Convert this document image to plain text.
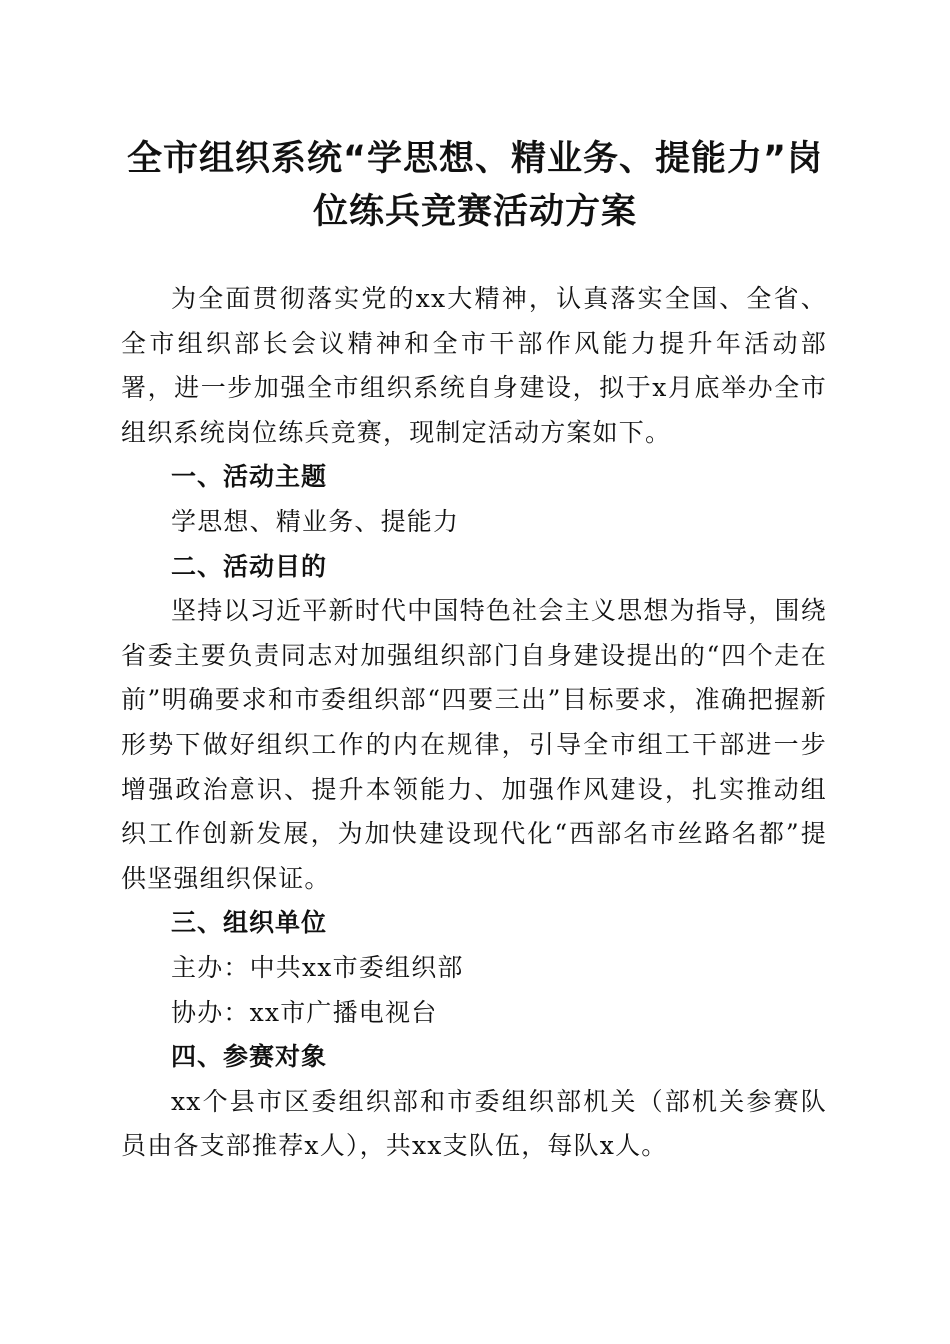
全市组织系统“学思想、精业务、提能力”岗
位练兵竞赛活动方案

为全面贯彻落实党的xx大精神，认真落实全国、全省、全市组织部长会议精神和全市干部作风能力提升年活动部署，进一步加强全市组织系统自身建设，拟于x月底举办全市组织系统岗位练兵竞赛，现制定活动方案如下。

一、活动主题

学思想、精业务、提能力

二、活动目的

坚持以习近平新时代中国特色社会主义思想为指导，围绕省委主要负责同志对加强组织部门自身建设提出的“四个走在前”明确要求和市委组织部“四要三出”目标要求，准确把握新形势下做好组织工作的内在规律，引导全市组工干部进一步增强政治意识、提升本领能力、加强作风建设，扎实推动组织工作创新发展，为加快建设现代化“西部名市丝路名都”提供坚强组织保证。

三、组织单位

主办：中共xx市委组织部

协办：xx市广播电视台

四、参赛对象

xx个县市区委组织部和市委组织部机关（部机关参赛队员由各支部推荐x人），共xx支队伍，每队x人。
